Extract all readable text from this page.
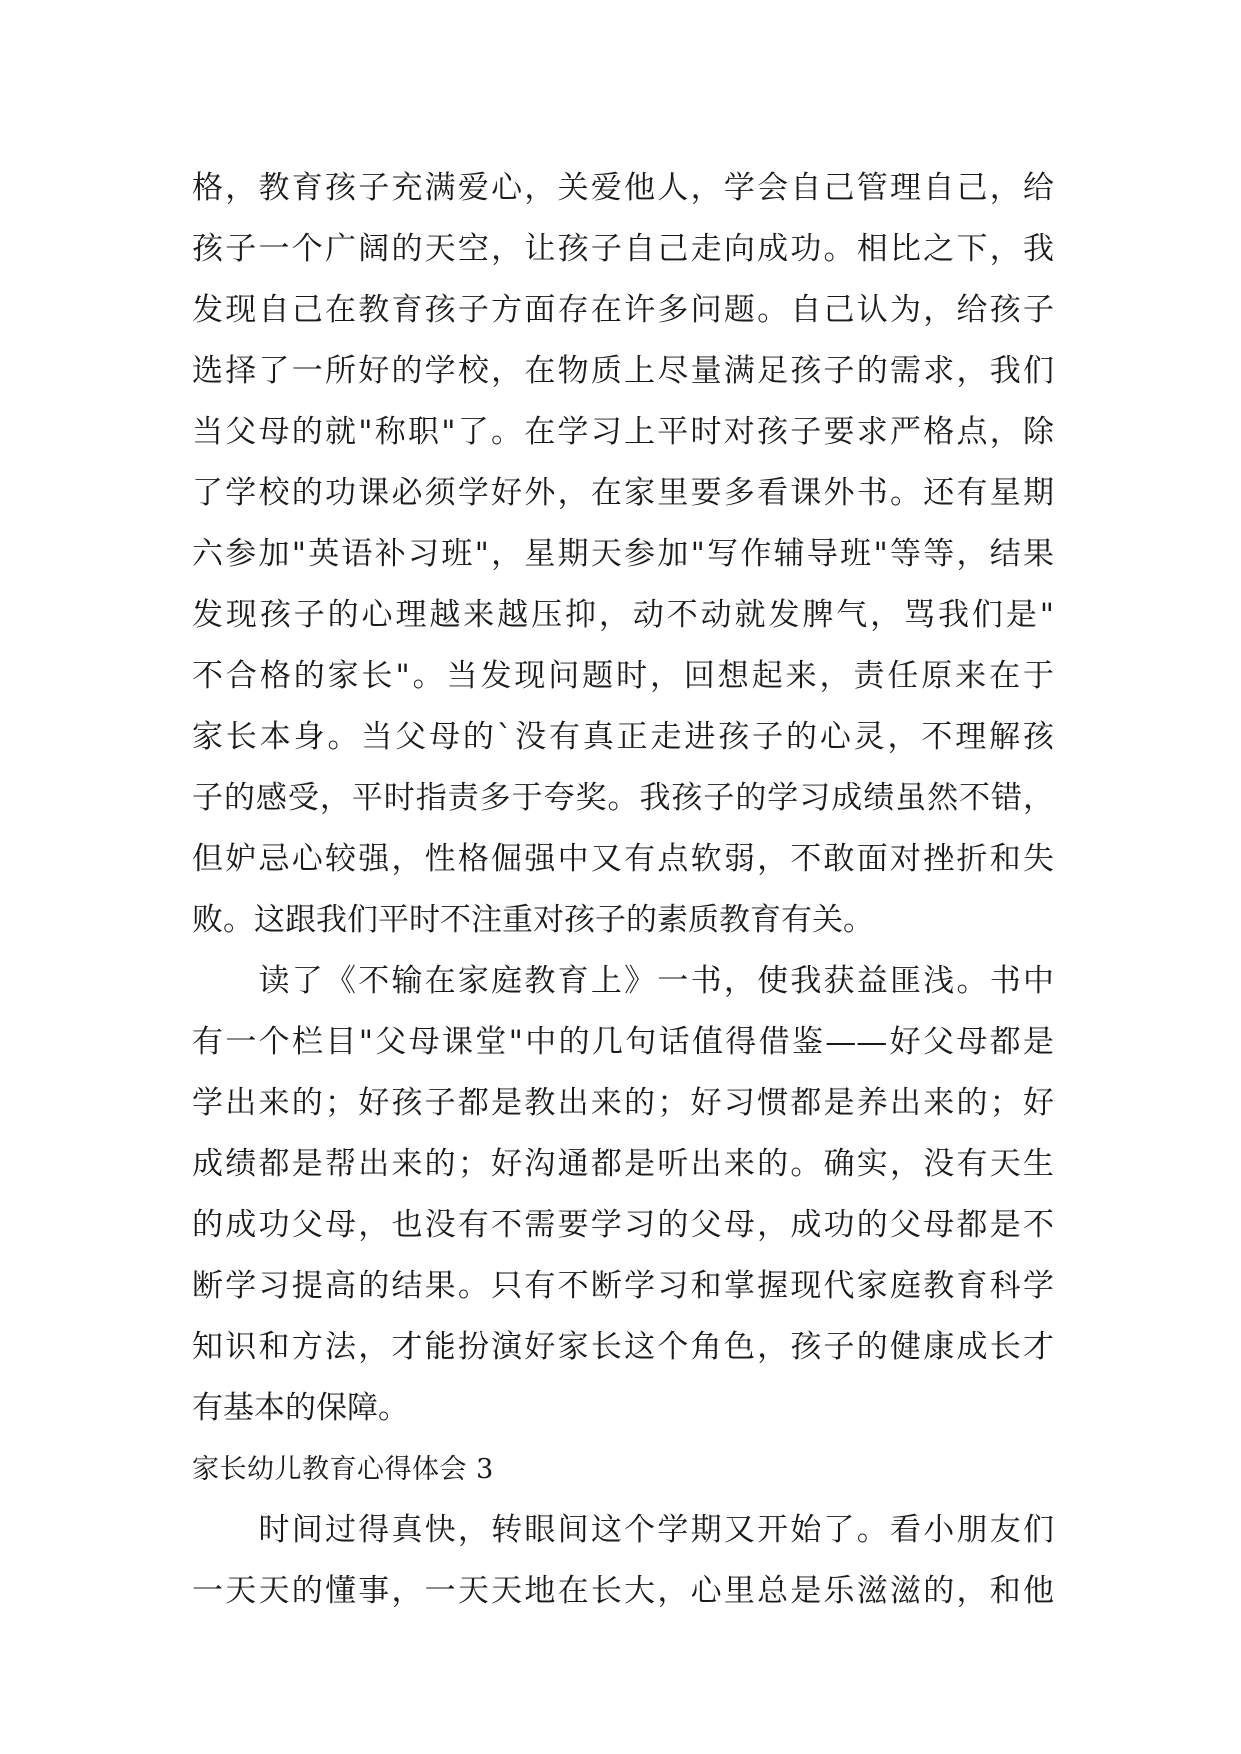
格，教育孩子充满爱心，关爱他人，学会自己管理自己，给
孩子一个广阔的天空，让孩子自己走向成功。相比之下，我
发现自己在教育孩子方面存在许多问题。自己认为，给孩子
选择了一所好的学校，在物质上尽量满足孩子的需求，我们
当父母的就"称职"了。在学习上平时对孩子要求严格点，除
了学校的功课必须学好外，在家里要多看课外书。还有星期
六参加"英语补习班"，星期天参加"写作辅导班"等等，结果
发现孩子的心理越来越压抑，动不动就发脾气，骂我们是"
不合格的家长"。当发现问题时，回想起来，责任原来在于
家长本身。当父母的`没有真正走进孩子的心灵，不理解孩
子的感受，平时指责多于夸奖。我孩子的学习成绩虽然不错，
但妒忌心较强，性格倔强中又有点软弱，不敢面对挫折和失
败。这跟我们平时不注重对孩子的素质教育有关。

　　读了《不输在家庭教育上》一书，使我获益匪浅。书中
有一个栏目"父母课堂"中的几句话值得借鉴——好父母都是
学出来的；好孩子都是教出来的；好习惯都是养出来的；好
成绩都是帮出来的；好沟通都是听出来的。确实，没有天生
的成功父母，也没有不需要学习的父母，成功的父母都是不
断学习提高的结果。只有不断学习和掌握现代家庭教育科学
知识和方法，才能扮演好家长这个角色，孩子的健康成长才
有基本的保障。

家长幼儿教育心得体会 3

　　时间过得真快，转眼间这个学期又开始了。看小朋友们
一天天的懂事，一天天地在长大，心里总是乐滋滋的，和他
